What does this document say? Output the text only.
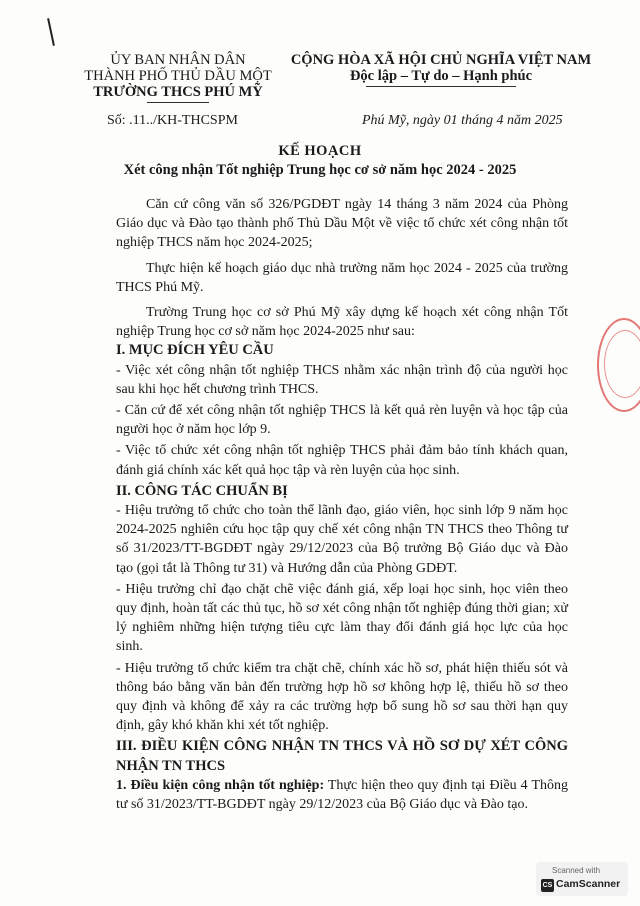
ỦY BAN NHÂN DÂN
THÀNH PHỐ THỦ DẦU MỘT
TRƯỜNG THCS PHÚ MỸ
CỘNG HÒA XÃ HỘI CHỦ NGHĨA VIỆT NAM
Độc lập – Tự do – Hạnh phúc
Số: .11../KH-THCSPM	Phú Mỹ, ngày 01 tháng 4 năm 2025
KẾ HOẠCH
Xét công nhận Tốt nghiệp Trung học cơ sở năm học 2024 - 2025

Căn cứ công văn số 326/PGDĐT ngày 14 tháng 3 năm 2024 của Phòng Giáo dục và Đào tạo thành phố Thủ Dầu Một về việc tổ chức xét công nhận tốt nghiệp THCS năm học 2024-2025;

Thực hiện kế hoạch giáo dục nhà trường năm học 2024 - 2025 của trường THCS Phú Mỹ.

Trường Trung học cơ sở Phú Mỹ xây dựng kế hoạch xét công nhận Tốt nghiệp Trung học cơ sở năm học 2024-2025 như sau:

I. MỤC ĐÍCH YÊU CẦU

- Việc xét công nhận tốt nghiệp THCS nhằm xác nhận trình độ của người học sau khi học hết chương trình THCS.

- Căn cứ để xét công nhận tốt nghiệp THCS là kết quả rèn luyện và học tập của người học ở năm học lớp 9.

- Việc tổ chức xét công nhận tốt nghiệp THCS phải đảm bảo tính khách quan, đánh giá chính xác kết quả học tập và rèn luyện của học sinh.

II. CÔNG TÁC CHUẨN BỊ

- Hiệu trưởng tổ chức cho toàn thể lãnh đạo, giáo viên, học sinh lớp 9 năm học 2024-2025 nghiên cứu học tập quy chế xét công nhận TN THCS theo Thông tư số 31/2023/TT-BGDĐT ngày 29/12/2023 của Bộ trưởng Bộ Giáo dục và Đào tạo (gọi tắt là Thông tư 31) và Hướng dẫn của Phòng GDĐT.

- Hiệu trưởng chỉ đạo chặt chẽ việc đánh giá, xếp loại học sinh, học viên theo quy định, hoàn tất các thủ tục, hồ sơ xét công nhận tốt nghiệp đúng thời gian; xử lý nghiêm những hiện tượng tiêu cực làm thay đổi đánh giá học lực của học sinh.

- Hiệu trưởng tổ chức kiểm tra chặt chẽ, chính xác hồ sơ, phát hiện thiếu sót và thông báo bằng văn bản đến trường hợp hồ sơ không hợp lệ, thiếu hồ sơ theo quy định và không để xảy ra các trường hợp bổ sung hồ sơ sau thời hạn quy định, gây khó khăn khi xét tốt nghiệp.

III. ĐIỀU KIỆN CÔNG NHẬN TN THCS VÀ HỒ SƠ DỰ XÉT CÔNG NHẬN TN THCS

1. Điều kiện công nhận tốt nghiệp: Thực hiện theo quy định tại Điều 4 Thông tư số 31/2023/TT-BGDĐT ngày 29/12/2023 của Bộ Giáo dục và Đào tạo.

Scanned with
CS CamScanner
